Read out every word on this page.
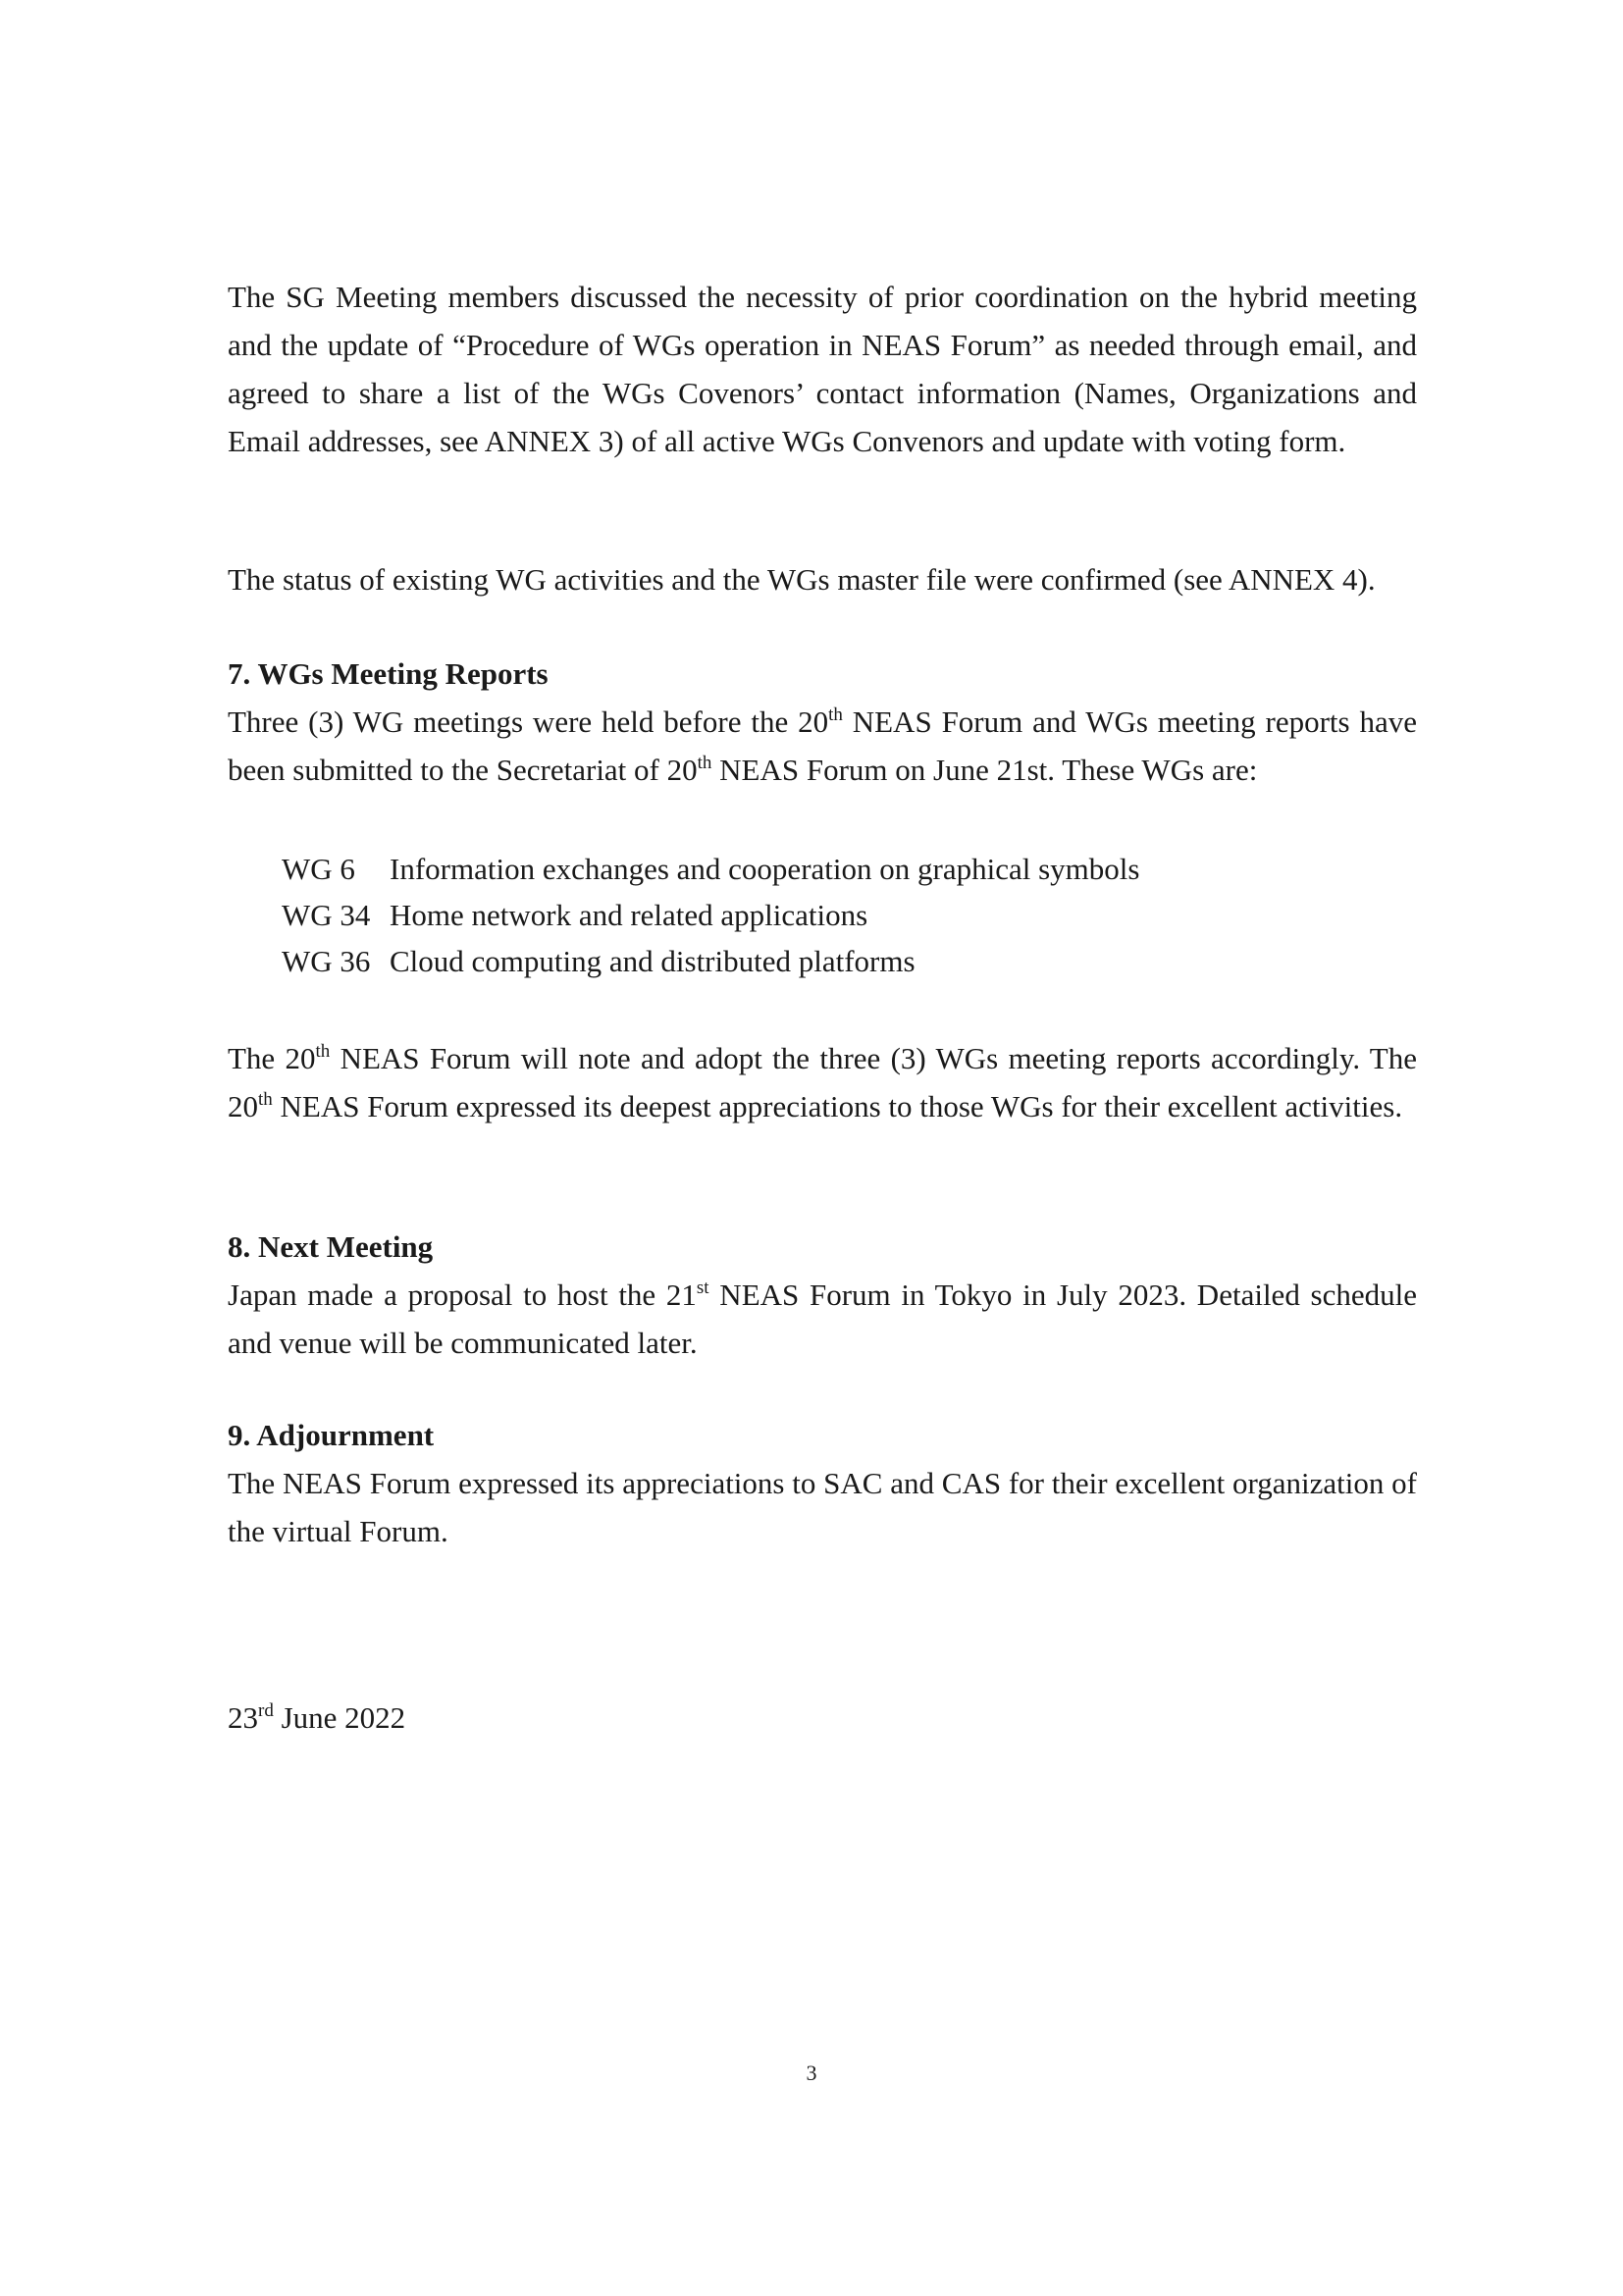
The SG Meeting members discussed the necessity of prior coordination on the hybrid meeting and the update of “Procedure of WGs operation in NEAS Forum” as needed through email, and agreed to share a list of the WGs Covenors’ contact information (Names, Organizations and Email addresses, see ANNEX 3) of all active WGs Convenors and update with voting form.

The status of existing WG activities and the WGs master file were confirmed (see ANNEX 4).

7. WGs Meeting Reports

Three (3) WG meetings were held before the 20th NEAS Forum and WGs meeting reports have been submitted to the Secretariat of 20th NEAS Forum on June 21st. These WGs are:

WG 6	Information exchanges and cooperation on graphical symbols
WG 34 Home network and related applications
WG 36 Cloud computing and distributed platforms

The 20th NEAS Forum will note and adopt the three (3) WGs meeting reports accordingly. The 20th NEAS Forum expressed its deepest appreciations to those WGs for their excellent activities.

8. Next Meeting

Japan made a proposal to host the 21st NEAS Forum in Tokyo in July 2023. Detailed schedule and venue will be communicated later.

9. Adjournment

The NEAS Forum expressed its appreciations to SAC and CAS for their excellent organization of the virtual Forum.

23rd June 2022

3
